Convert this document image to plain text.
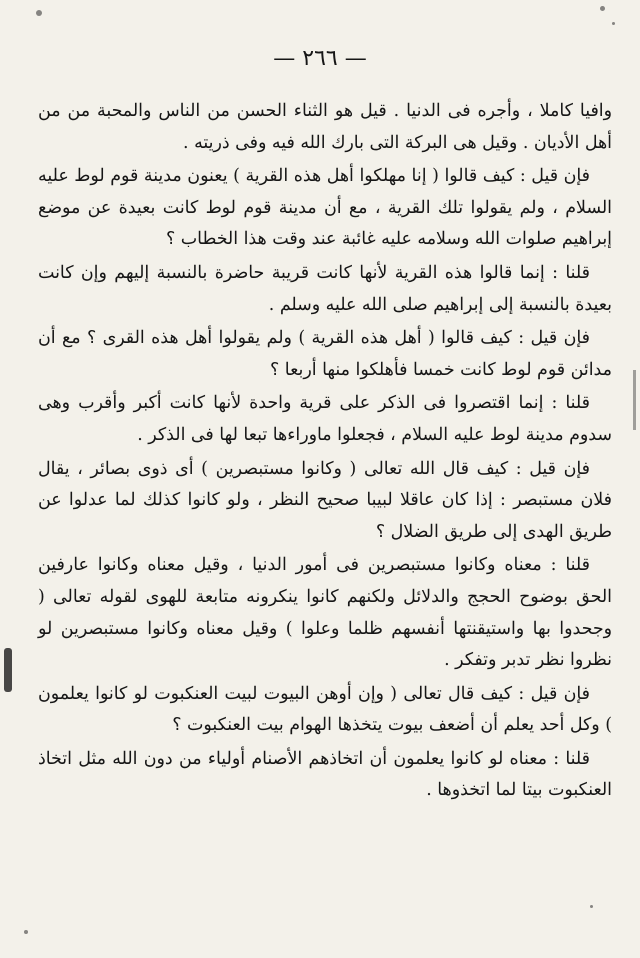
— ٢٦٦ —

وافيا كاملا ، وأجره فى الدنيا . قيل هو الثناء الحسن من الناس والمحبة من من أهل الأديان . وقيل هى البركة التى بارك الله فيه وفى ذريته .

فإن قيل : كيف قالوا ( إنا مهلكوا أهل هذه القرية ) يعنون مدينة قوم لوط عليه السلام ، ولم يقولوا تلك القرية ، مع أن مدينة قوم لوط كانت بعيدة عن موضع إبراهيم صلوات الله وسلامه عليه غائبة عند وقت هذا الخطاب ؟

قلنا : إنما قالوا هذه القرية لأنها كانت قريبة حاضرة بالنسبة إليهم وإن كانت بعيدة بالنسبة إلى إبراهيم صلى الله عليه وسلم .

فإن قيل : كيف قالوا ( أهل هذه القرية ) ولم يقولوا أهل هذه القرى ؟ مع أن مدائن قوم لوط كانت خمسا فأهلكوا منها أربعا ؟

قلنا : إنما اقتصروا فى الذكر على قرية واحدة لأنها كانت أكبر وأقرب وهى سدوم مدينة لوط عليه السلام ، فجعلوا ماوراءها تبعا لها فى الذكر .

فإن قيل : كيف قال الله تعالى ( وكانوا مستبصرين ) أى ذوى بصائر ، يقال فلان مستبصر : إذا كان عاقلا لبيبا صحيح النظر ، ولو كانوا كذلك لما عدلوا عن طريق الهدى إلى طريق الضلال ؟

قلنا : معناه وكانوا مستبصرين فى أمور الدنيا ، وقيل معناه وكانوا عارفين الحق بوضوح الحجج والدلائل ولكنهم كانوا ينكرونه متابعة للهوى لقوله تعالى ( وجحدوا بها واستيقنتها أنفسهم ظلما وعلوا ) وقيل معناه وكانوا مستبصرين لو نظروا نظر تدبر وتفكر .

فإن قيل : كيف قال تعالى ( وإن أوهن البيوت لبيت العنكبوت لو كانوا يعلمون ) وكل أحد يعلم أن أضعف بيوت يتخذها الهوام بيت العنكبوت ؟

قلنا : معناه لو كانوا يعلمون أن اتخاذهم الأصنام أولياء من دون الله مثل اتخاذ العنكبوت بيتا لما اتخذوها .
